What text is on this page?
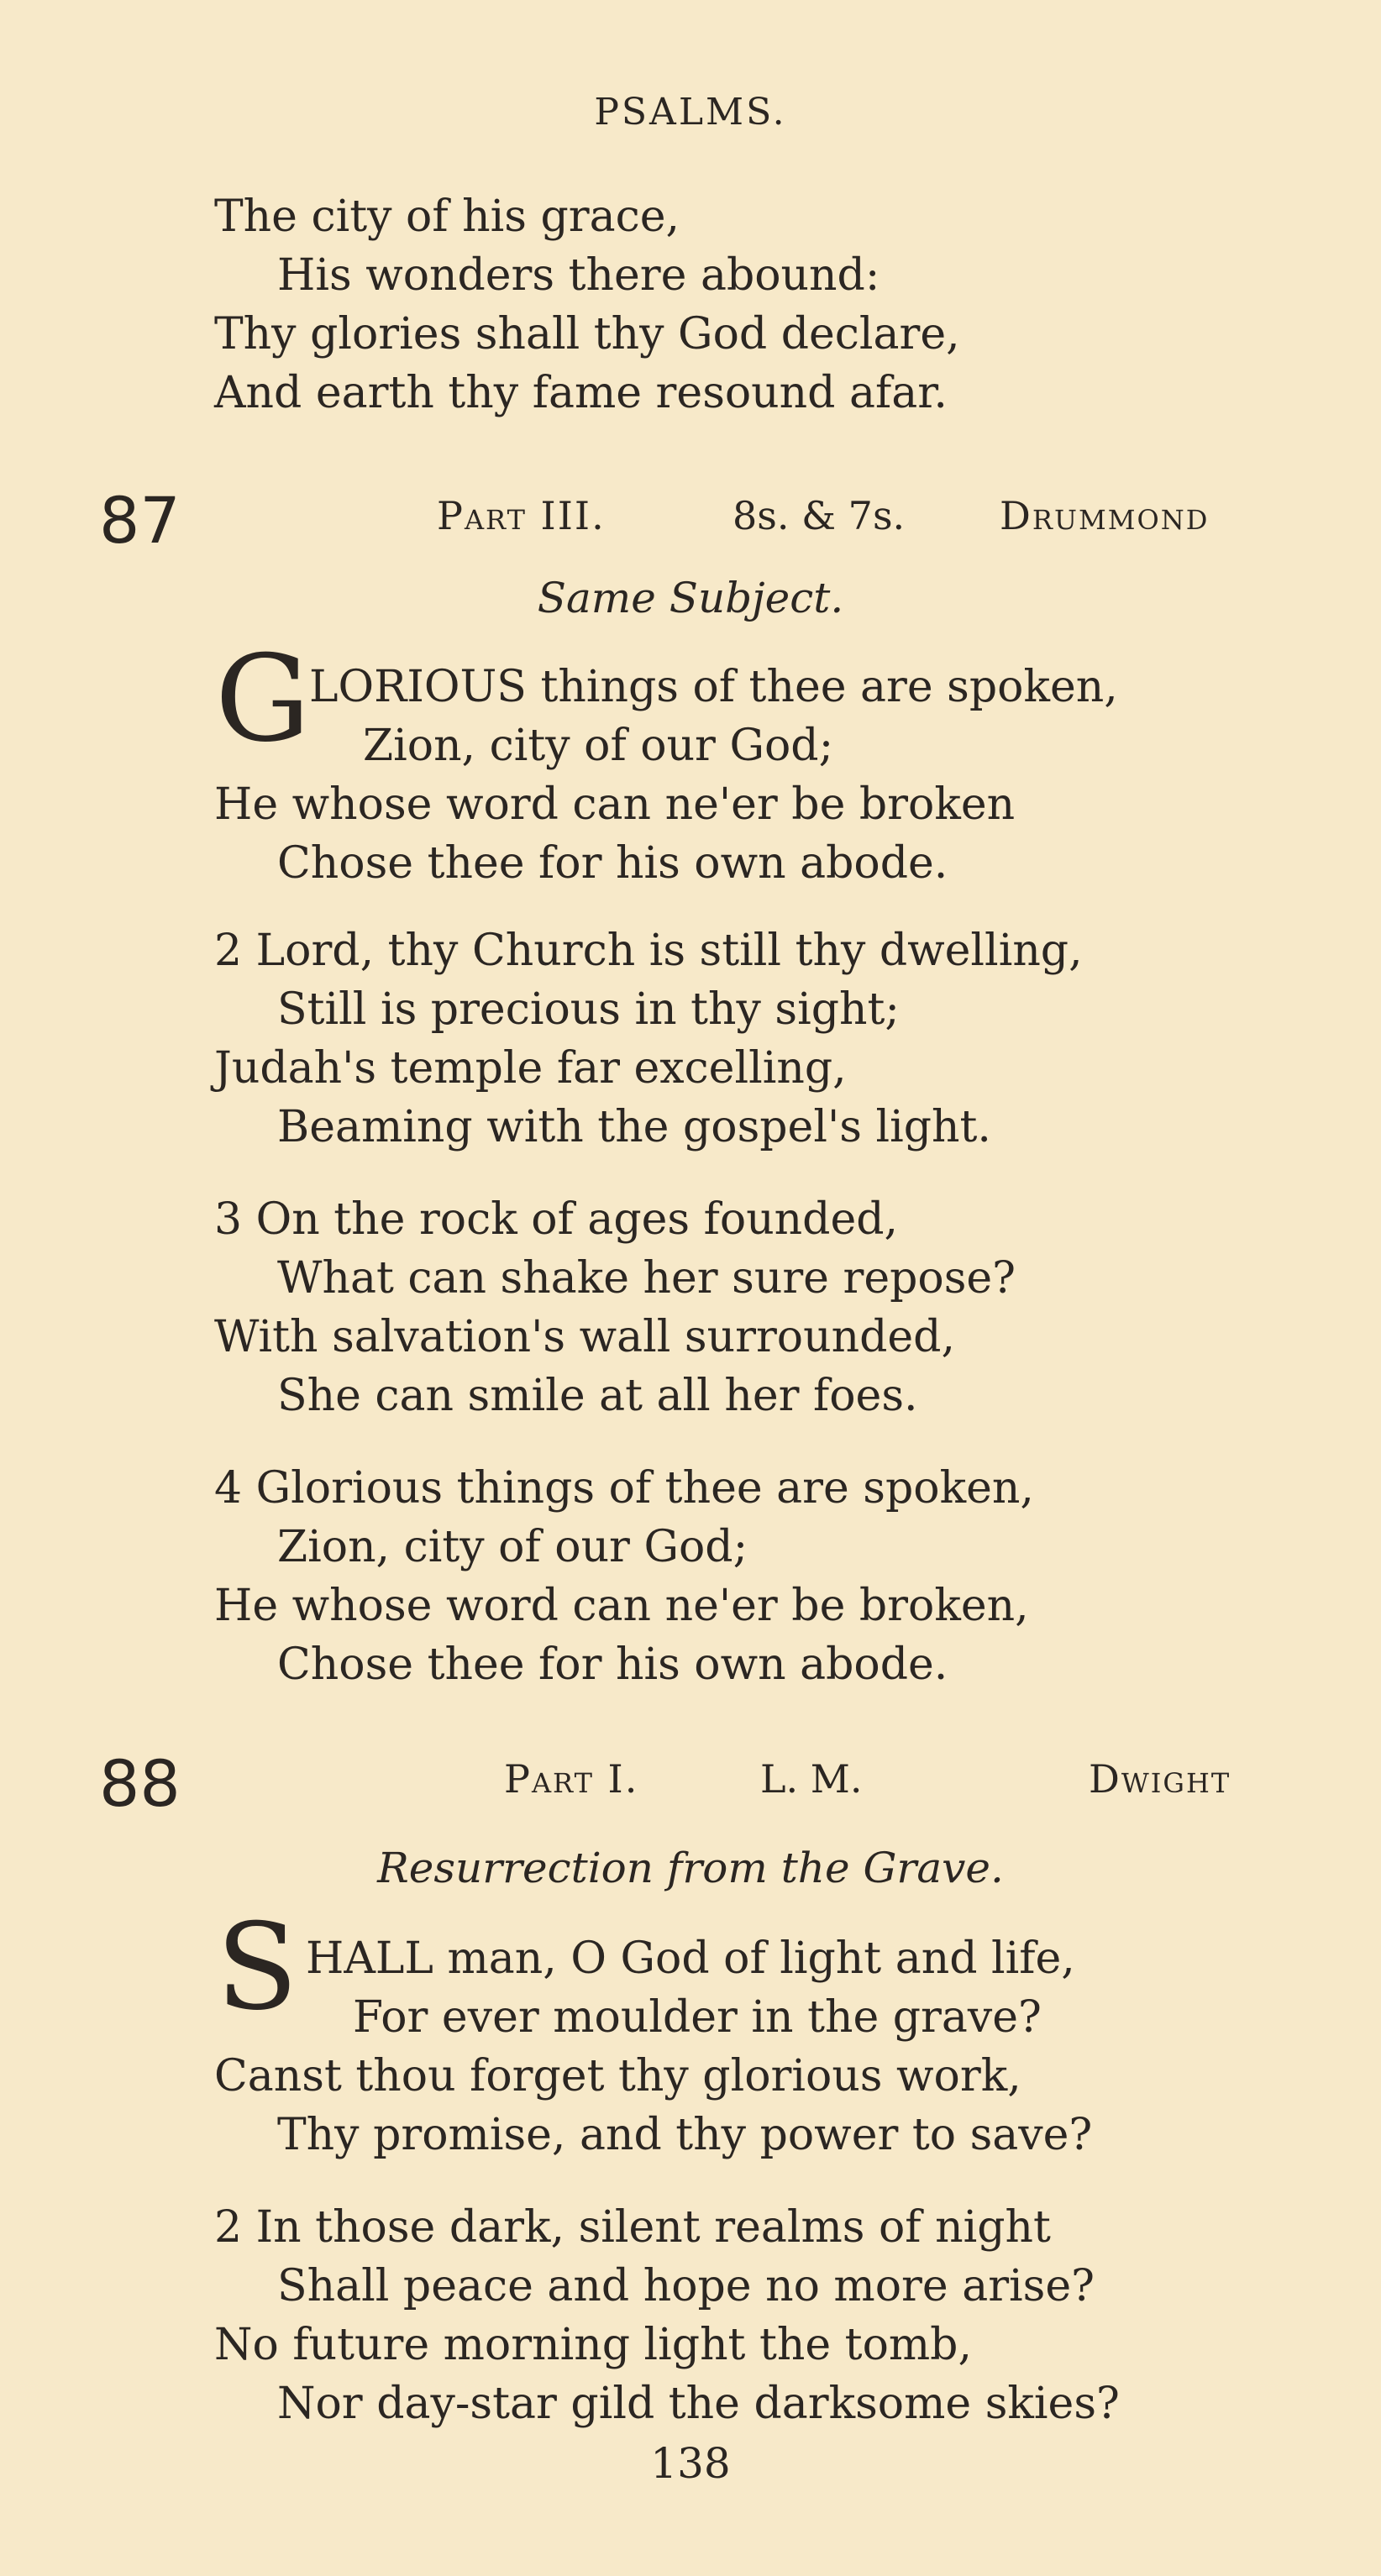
PSALMS.
The city of his grace,
His wonders there abound:
Thy glories shall thy God declare,
And earth thy fame resound afar.
87	Part III.	8s. & 7s. Drummond
Same Subject.
G
LORIOUS things of thee are spoken,
Zion, city of our God;
He whose word can ne'er be broken
Chose thee for his own abode.
2 Lord, thy Church is still thy dwelling,
Still is precious in thy sight;
Judah's temple far excelling,
Beaming with the gospel's light.
3 On the rock of ages founded,
What can shake her sure repose?
With salvation's wall surrounded,
She can smile at all her foes.
4 Glorious things of thee are spoken,
Zion, city of our God;
He whose word can ne'er be broken,
Chose thee for his own abode.
88	Part I.	L. M.	Dwight
Resurrection from the Grave.
S HALL man, O God of light and life,
For ever moulder in the grave?
Canst thou forget thy glorious work,
Thy promise, and thy power to save?
2 In those dark, silent realms of night
Shall peace and hope no more arise?
No future morning light the tomb,
Nor day-star gild the darksome skies?
138
